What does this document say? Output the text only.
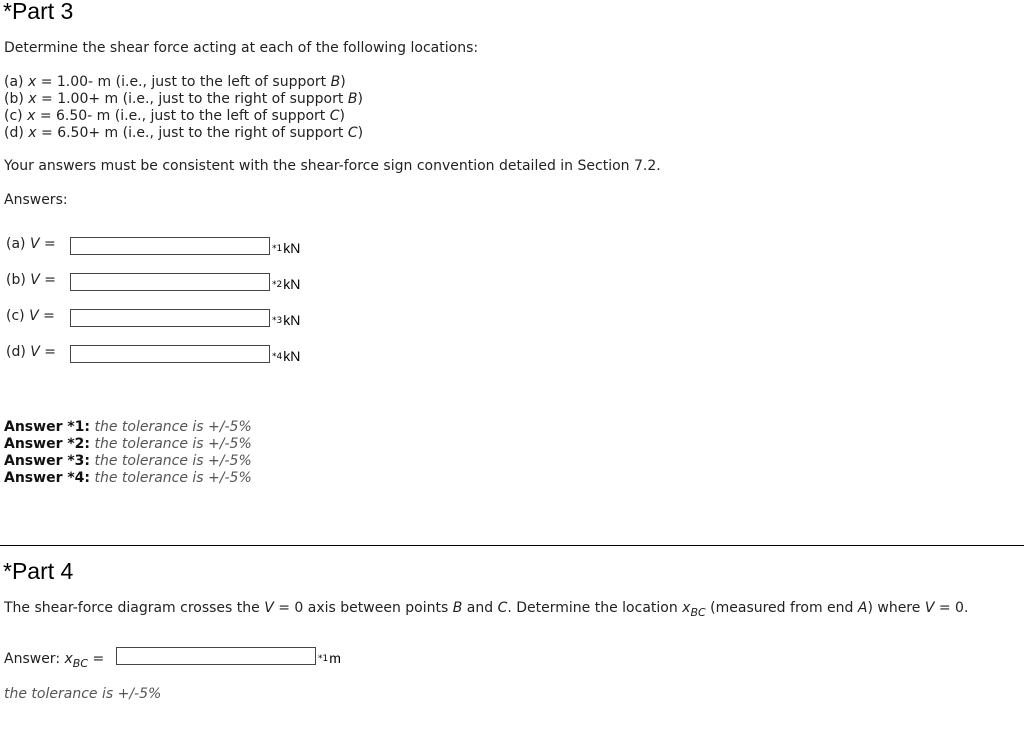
*Part 3
Determine the shear force acting at each of the following locations:
(a) x = 1.00- m (i.e., just to the left of support B)
(b) x = 1.00+ m (i.e., just to the right of support B)
(c) x = 6.50- m (i.e., just to the left of support C)
(d) x = 6.50+ m (i.e., just to the right of support C)
Your answers must be consistent with the shear-force sign convention detailed in Section 7.2.
Answers:
(a) V =	*1kN
(b) V =	*2kN
(c) V =	*3kN
(d) V =	*4kN
Answer *1: the tolerance is +/-5%
Answer *2: the tolerance is +/-5%
Answer *3: the tolerance is +/-5%
Answer *4: the tolerance is +/-5%
*Part 4
The shear-force diagram crosses the V = 0 axis between points B and C. Determine the location $x_{BC}$ (measured from end A) where V = 0.
Answer: $x_{BC}$ =	*1m
the tolerance is +/-5%
